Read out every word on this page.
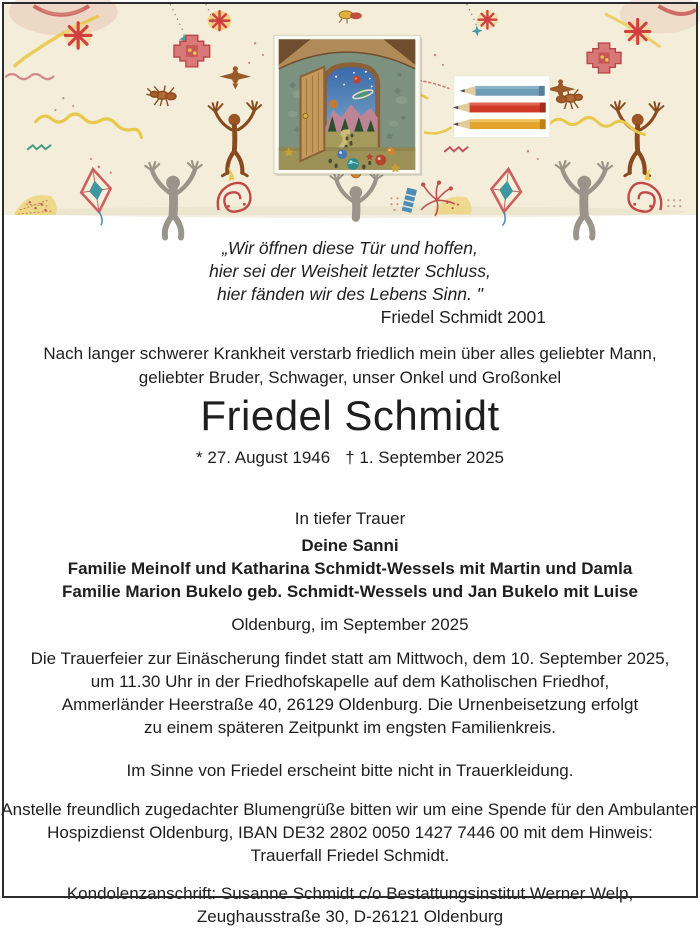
„Wir öffnen diese Tür und hoffen,
hier sei der Weisheit letzter Schluss,
hier fänden wir des Lebens Sinn. "
Friedel Schmidt 2001
Nach langer schwerer Krankheit verstarb friedlich mein über alles geliebter Mann,
geliebter Bruder, Schwager, unser Onkel und Großonkel
Friedel Schmidt
* 27. August 1946 † 1. September 2025
In tiefer Trauer
Deine Sanni
Familie Meinolf und Katharina Schmidt-Wessels mit Martin und Damla
Familie Marion Bukelo geb. Schmidt-Wessels und Jan Bukelo mit Luise
Oldenburg, im September 2025
Die Trauerfeier zur Einäscherung findet statt am Mittwoch, dem 10. September 2025,
um 11.30 Uhr in der Friedhofskapelle auf dem Katholischen Friedhof,
Ammerländer Heerstraße 40, 26129 Oldenburg. Die Urnenbeisetzung erfolgt
zu einem späteren Zeitpunkt im engsten Familienkreis.
Im Sinne von Friedel erscheint bitte nicht in Trauerkleidung.
Anstelle freundlich zugedachter Blumengrüße bitten wir um eine Spende für den Ambulanten
Hospizdienst Oldenburg, IBAN DE32 2802 0050 1427 7446 00 mit dem Hinweis:
Trauerfall Friedel Schmidt.
Kondolenzanschrift: Susanne Schmidt c/o Bestattungsinstitut Werner Welp,
Zeughausstraße 30, D-26121 Oldenburg
